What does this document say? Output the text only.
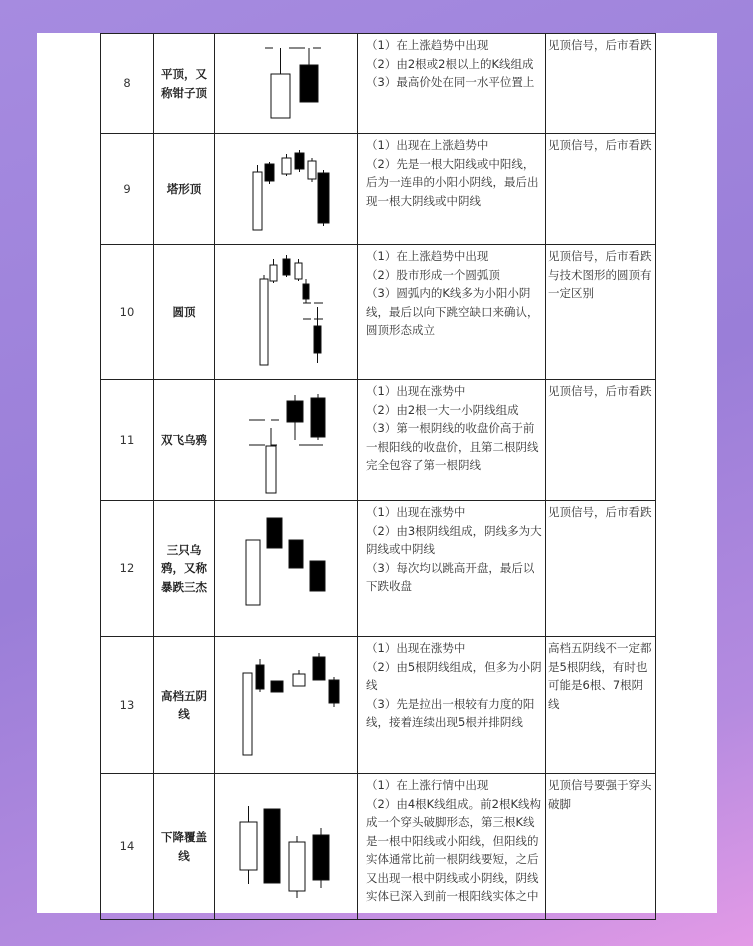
8	平顶，又称钳子顶		（1）在上涨趋势中出现
（2）由2根或2根以上的K线组成
（3）最高价处在同一水平位置上	见顶信号，后市看跌
9	塔形顶		（1）出现在上涨趋势中
（2）先是一根大阳线或中阳线，后为一连串的小阳小阴线，最后出现一根大阴线或中阴线	见顶信号，后市看跌
10	圆顶		（1）在上涨趋势中出现
（2）股市形成一个圆弧顶
（3）圆弧内的K线多为小阳小阴线，最后以向下跳空缺口来确认，圆顶形态成立	见顶信号，后市看跌与技术图形的圆顶有一定区别
11	双飞乌鸦		（1）出现在涨势中
（2）由2根一大一小阴线组成
（3）第一根阴线的收盘价高于前一根阳线的收盘价，且第二根阴线完全包容了第一根阴线	见顶信号，后市看跌
12	三只乌鸦，又称暴跌三杰		（1）出现在涨势中
（2）由3根阴线组成，阴线多为大阴线或中阴线
（3）每次均以跳高开盘，最后以下跌收盘	见顶信号，后市看跌
13	高档五阴线		（1）出现在涨势中
（2）由5根阴线组成，但多为小阴线
（3）先是拉出一根较有力度的阳线，接着连续出现5根并排阴线	高档五阴线不一定都是5根阴线，有时也可能是6根、7根阴线
14	下降覆盖线		（1）在上涨行情中出现
（2）由4根K线组成。前2根K线构成一个穿头破脚形态，第三根K线是一根中阳线或小阳线，但阳线的实体通常比前一根阴线要短，之后又出现一根中阴线或小阴线，阴线实体已深入到前一根阳线实体之中	见顶信号要强于穿头破脚
